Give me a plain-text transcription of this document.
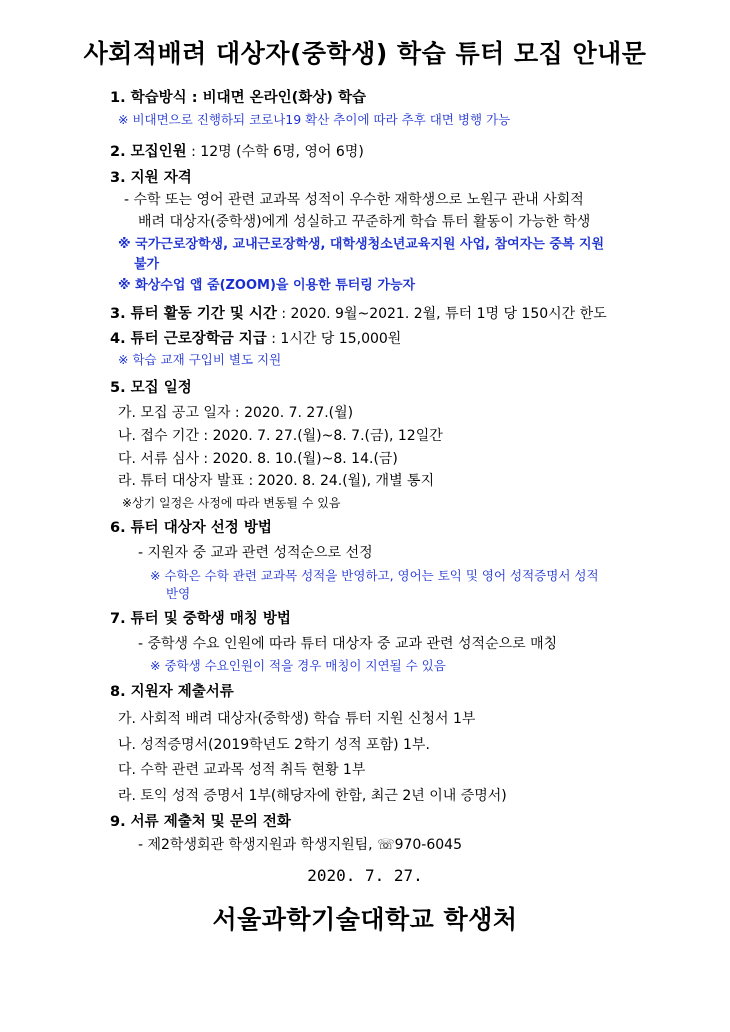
사회적배려 대상자(중학생) 학습 튜터 모집 안내문
1. 학습방식 : 비대면 온라인(화상) 학습
※ 비대면으로 진행하되 코로나19 확산 추이에 따라 추후 대면 병행 가능
2. 모집인원 : 12명 (수학 6명, 영어 6명)
3. 지원 자격
- 수학 또는 영어 관련 교과목 성적이 우수한 재학생으로 노원구 관내 사회적
배려 대상자(중학생)에게 성실하고 꾸준하게 학습 튜터 활동이 가능한 학생
※ 국가근로장학생, 교내근로장학생, 대학생청소년교육지원 사업, 참여자는 중복 지원
불가
※ 화상수업 앱 줌(ZOOM)을 이용한 튜터링 가능자
3. 튜터 활동 기간 및 시간 : 2020. 9월~2021. 2월, 튜터 1명 당 150시간 한도
4. 튜터 근로장학금 지급 : 1시간 당 15,000원
※ 학습 교재 구입비 별도 지원
5. 모집 일정
가. 모집 공고 일자 : 2020. 7. 27.(월)
나. 접수 기간 : 2020. 7. 27.(월)~8. 7.(금), 12일간
다. 서류 심사 : 2020. 8. 10.(월)~8. 14.(금)
라. 튜터 대상자 발표 : 2020. 8. 24.(월), 개별 통지
※상기 일정은 사정에 따라 변동될 수 있음
6. 튜터 대상자 선정 방법
- 지원자 중 교과 관련 성적순으로 선정
※ 수학은 수학 관련 교과목 성적을 반영하고, 영어는 토익 및 영어 성적증명서 성적
반영
7. 튜터 및 중학생 매칭 방법
- 중학생 수요 인원에 따라 튜터 대상자 중 교과 관련 성적순으로 매칭
※ 중학생 수요인원이 적을 경우 매칭이 지연될 수 있음
8. 지원자 제출서류
가. 사회적 배려 대상자(중학생) 학습 튜터 지원 신청서 1부
나. 성적증명서(2019학년도 2학기 성적 포함) 1부.
다. 수학 관련 교과목 성적 취득 현황 1부
라. 토익 성적 증명서 1부(해당자에 한함, 최근 2년 이내 증명서)
9. 서류 제출처 및 문의 전화
- 제2학생회관 학생지원과 학생지원팀, ☏970-6045
2020. 7. 27.
서울과학기술대학교 학생처
